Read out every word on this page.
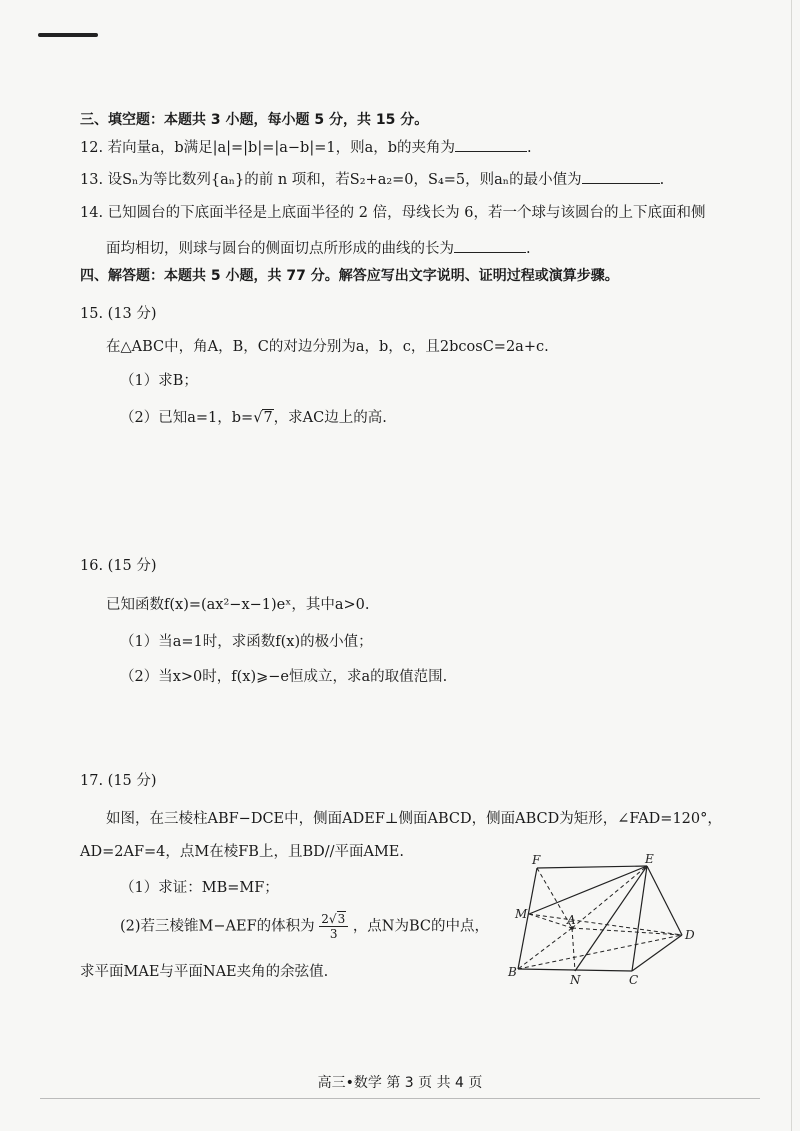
三、填空题：本题共 3 小题，每小题 5 分，共 15 分。
12. 若向量a，b满足|a|=|b|=|a−b|=1，则a，b的夹角为	.
13. 设Sₙ为等比数列{aₙ}的前 n 项和，若S₂+a₂=0，S₄=5，则aₙ的最小值为	.
14. 已知圆台的下底面半径是上底面半径的 2 倍，母线长为 6，若一个球与该圆台的上下底面和侧
面均相切，则球与圆台的侧面切点所形成的曲线的长为	.
四、解答题：本题共 5 小题，共 77 分。解答应写出文字说明、证明过程或演算步骤。
15. (13 分)
在△ABC中，角A，B，C的对边分别为a，b，c，且2bcosC=2a+c.
（1）求B；
（2）已知a=1，b=√7，求AC边上的高.
16. (15 分)
已知函数f(x)=(ax²−x−1)eˣ，其中a>0.
（1）当a=1时，求函数f(x)的极小值；
（2）当x>0时，f(x)⩾−e恒成立，求a的取值范围.
17. (15 分)
如图，在三棱柱ABF−DCE中，侧面ADEF⊥侧面ABCD，侧面ABCD为矩形，∠FAD=120°，
AD=2AF=4，点M在棱FB上，且BD//平面AME.
（1）求证：MB=MF；
(2)若三棱锥M−AEF的体积为 $\frac{2√3}{3}$ ，点N为BC的中点，
求平面MAE与平面NAE夹角的余弦值.
F	E
M	A
D
B
N	C
高三•数学 第 3 页 共 4 页
